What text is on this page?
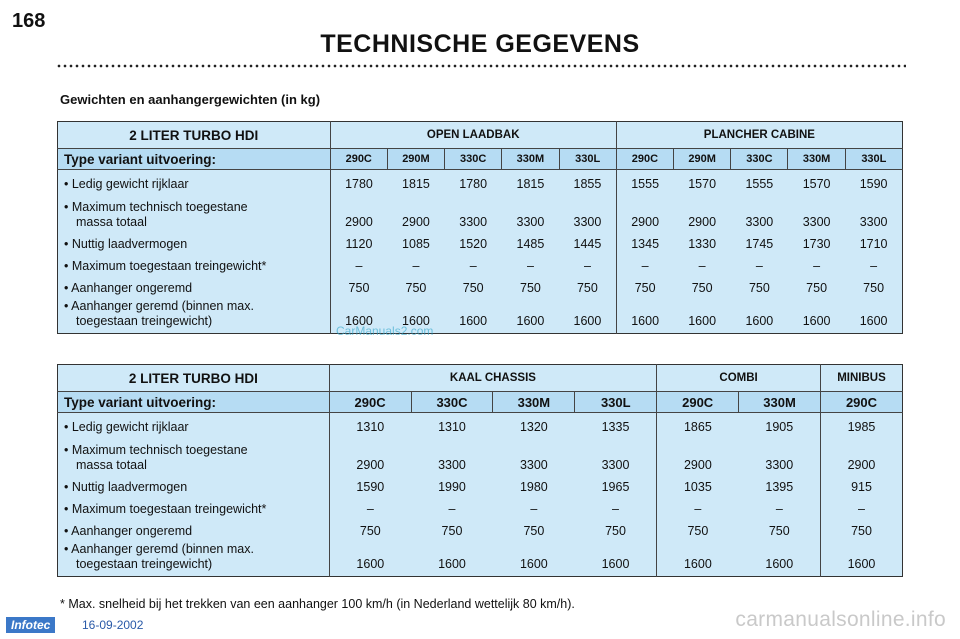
168
TECHNISCHE GEGEVENS
Gewichten en aanhangergewichten (in kg)
2 LITER TURBO HDI	OPEN LAADBAK					PLANCHER CABINE				
Type variant uitvoering:	290C	290M	330C	330M	330L	290C	290M	330C	330M	330L

• Ledig gewicht rijklaar	1780	1815	1780	1815	1855	1555	1570	1555	1570	1590

• Maximum technisch toegestane
massa totaal	2900	2900	3300	3300	3300	2900	2900	3300	3300	3300

• Nuttig laadvermogen	1120	1085	1520	1485	1445	1345	1330	1745	1730	1710

• Maximum toegestaan treingewicht*	–	–	–	–	–	–	–	–	–	–

• Aanhanger ongeremd	750	750	750	750	750	750	750	750	750	750

• Aanhanger geremd (binnen max.
toegestaan treingewicht)	1600	1600	1600	1600	1600	1600	1600	1600	1600	1600
CarManuals2.com
2 LITER TURBO HDI	KAAL CHASSIS				COMBI		MINIBUS
Type variant uitvoering:	290C	330C	330M	330L	290C	330M	290C

• Ledig gewicht rijklaar	1310	1310	1320	1335	1865	1905	1985

• Maximum technisch toegestane
massa totaal	2900	3300	3300	3300	2900	3300	2900

• Nuttig laadvermogen	1590	1990	1980	1965	1035	1395	915

• Maximum toegestaan treingewicht*	–	–	–	–	–	–	–

• Aanhanger ongeremd	750	750	750	750	750	750	750

• Aanhanger geremd (binnen max.
toegestaan treingewicht)	1600	1600	1600	1600	1600	1600	1600
* Max. snelheid bij het trekken van een aanhanger 100 km/h (in Nederland wettelijk 80 km/h).
Infotec	16-09-2002	carmanualsonline.info
